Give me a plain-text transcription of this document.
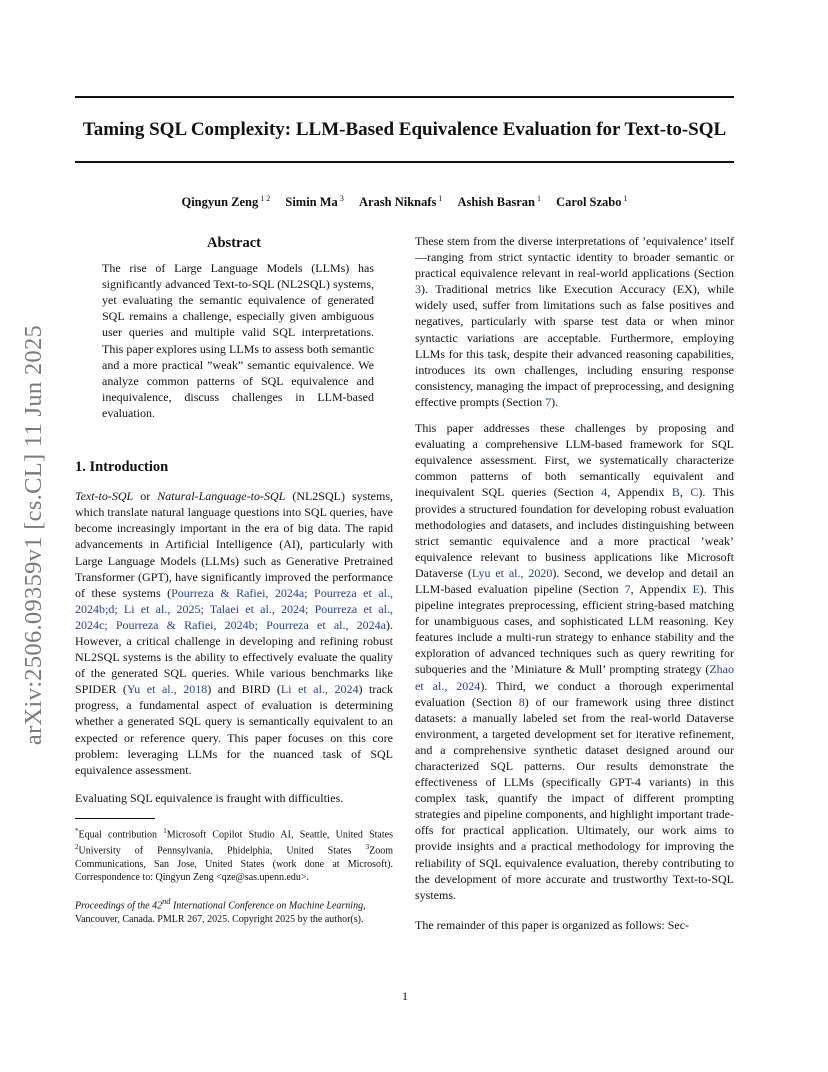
Taming SQL Complexity: LLM-Based Equivalence Evaluation for Text-to-SQL
Qingyun Zeng $^{1 2}$ Simin Ma $^3$ Arash Niknafs $^1$ Ashish Basran $^1$ Carol Szabo $^1$
arXiv:2506.09359v1 [cs.CL] 11 Jun 2025
Abstract

The rise of Large Language Models (LLMs) has significantly advanced Text-to-SQL (NL2SQL) systems, yet evaluating the semantic equivalence of generated SQL remains a challenge, especially given ambiguous user queries and multiple valid SQL interpretations. This paper explores using LLMs to assess both semantic and a more practical ”weak” semantic equivalence. We analyze common patterns of SQL equivalence and inequivalence, discuss challenges in LLM-based evaluation.

1. Introduction

Text-to-SQL or Natural-Language-to-SQL (NL2SQL) systems, which translate natural language questions into SQL queries, have become increasingly important in the era of big data. The rapid advancements in Artificial Intelligence (AI), particularly with Large Language Models (LLMs) such as Generative Pretrained Transformer (GPT), have significantly improved the performance of these systems (Pourreza & Rafiei, 2024a; Pourreza et al., 2024b;d; Li et al., 2025; Talaei et al., 2024; Pourreza et al., 2024c; Pourreza & Rafiei, 2024b; Pourreza et al., 2024a). However, a critical challenge in developing and refining robust NL2SQL systems is the ability to effectively evaluate the quality of the generated SQL queries. While various benchmarks like SPIDER (Yu et al., 2018) and BIRD (Li et al., 2024) track progress, a fundamental aspect of evaluation is determining whether a generated SQL query is semantically equivalent to an expected or reference query. This paper focuses on this core problem: leveraging LLMs for the nuanced task of SQL equivalence assessment.

Evaluating SQL equivalence is fraught with difficulties.

*Equal contribution $^1$Microsoft Copilot Studio AI, Seattle, United States $^2$University of Pennsylvania, Phidelphia, United States $^3$Zoom Communications, San Jose, United States (work done at Microsoft). Correspondence to: Qingyun Zeng <qze@sas.upenn.edu>.

Proceedings of the 42nd International Conference on Machine Learning, Vancouver, Canada. PMLR 267, 2025. Copyright 2025 by the author(s).

These stem from the diverse interpretations of ’equivalence’ itself—ranging from strict syntactic identity to broader semantic or practical equivalence relevant in real-world applications (Section 3). Traditional metrics like Execution Accuracy (EX), while widely used, suffer from limitations such as false positives and negatives, particularly with sparse test data or when minor syntactic variations are acceptable. Furthermore, employing LLMs for this task, despite their advanced reasoning capabilities, introduces its own challenges, including ensuring response consistency, managing the impact of preprocessing, and designing effective prompts (Section 7).

This paper addresses these challenges by proposing and evaluating a comprehensive LLM-based framework for SQL equivalence assessment. First, we systematically characterize common patterns of both semantically equivalent and inequivalent SQL queries (Section 4, Appendix B, C). This provides a structured foundation for developing robust evaluation methodologies and datasets, and includes distinguishing between strict semantic equivalence and a more practical ’weak’ equivalence relevant to business applications like Microsoft Dataverse (Lyu et al., 2020). Second, we develop and detail an LLM-based evaluation pipeline (Section 7, Appendix E). This pipeline integrates preprocessing, efficient string-based matching for unambiguous cases, and sophisticated LLM reasoning. Key features include a multi-run strategy to enhance stability and the exploration of advanced techniques such as query rewriting for subqueries and the ’Miniature & Mull’ prompting strategy (Zhao et al., 2024). Third, we conduct a thorough experimental evaluation (Section 8) of our framework using three distinct datasets: a manually labeled set from the real-world Dataverse environment, a targeted development set for iterative refinement, and a comprehensive synthetic dataset designed around our characterized SQL patterns. Our results demonstrate the effectiveness of LLMs (specifically GPT-4 variants) in this complex task, quantify the impact of different prompting strategies and pipeline components, and highlight important trade-offs for practical application. Ultimately, our work aims to provide insights and a practical methodology for improving the reliability of SQL equivalence evaluation, thereby contributing to the development of more accurate and trustworthy Text-to-SQL systems.

The remainder of this paper is organized as follows: Sec-

1
